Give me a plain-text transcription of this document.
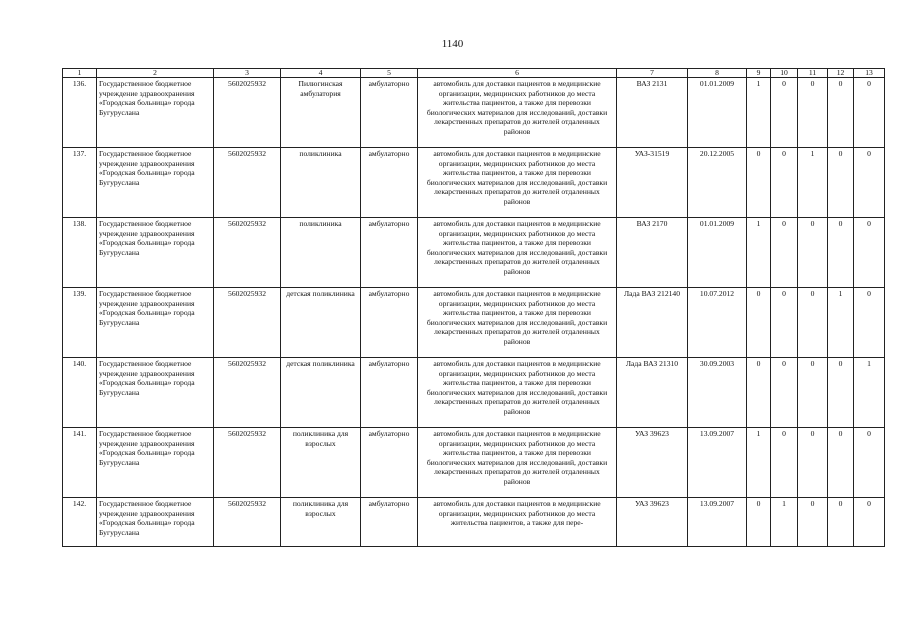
1140
1	2	3	4	5	6	7	8	9	10	11	12	13
136.	Государственное бюджетное учреждение здравоохранения «Городская больница» города Бугуруслана	5602025932	Пилюгинская амбулатория	амбулаторно	автомобиль для доставки пациентов в медицинские организации, медицинских работников до места жительства пациентов, а также для перевозки биологических материалов для исследований, доставки лекарственных препаратов до жителей отдаленных районов	ВАЗ 2131	01.01.2009	1	0	0	0	0
137.	Государственное бюджетное учреждение здравоохранения «Городская больница» города Бугуруслана	5602025932	поликлиника	амбулаторно	автомобиль для доставки пациентов в медицинские организации, медицинских работников до места жительства пациентов, а также для перевозки биологических материалов для исследований, доставки лекарственных препаратов до жителей отдаленных районов	УАЗ-31519	20.12.2005	0	0	1	0	0
138.	Государственное бюджетное учреждение здравоохранения «Городская больница» города Бугуруслана	5602025932	поликлиника	амбулаторно	автомобиль для доставки пациентов в медицинские организации, медицинских работников до места жительства пациентов, а также для перевозки биологических материалов для исследований, доставки лекарственных препаратов до жителей отдаленных районов	ВАЗ 2170	01.01.2009	1	0	0	0	0
139.	Государственное бюджетное учреждение здравоохранения «Городская больница» города Бугуруслана	5602025932	детская поликлиника	амбулаторно	автомобиль для доставки пациентов в медицинские организации, медицинских работников до места жительства пациентов, а также для перевозки биологических материалов для исследований, доставки лекарственных препаратов до жителей отдаленных районов	Лада ВАЗ 212140	10.07.2012	0	0	0	1	0
140.	Государственное бюджетное учреждение здравоохранения «Городская больница» города Бугуруслана	5602025932	детская поликлиника	амбулаторно	автомобиль для доставки пациентов в медицинские организации, медицинских работников до места жительства пациентов, а также для перевозки биологических материалов для исследований, доставки лекарственных препаратов до жителей отдаленных районов	Лада ВАЗ 21310	30.09.2003	0	0	0	0	1
141.	Государственное бюджетное учреждение здравоохранения «Городская больница» города Бугуруслана	5602025932	поликлиника для взрослых	амбулаторно	автомобиль для доставки пациентов в медицинские организации, медицинских работников до места жительства пациентов, а также для перевозки биологических материалов для исследований, доставки лекарственных препаратов до жителей отдаленных районов	УАЗ 39623	13.09.2007	1	0	0	0	0
142.	Государственное бюджетное учреждение здравоохранения «Городская больница» города Бугуруслана	5602025932	поликлиника для взрослых	амбулаторно	автомобиль для доставки пациентов в медицинские организации, медицинских работников до места жительства пациентов, а также для пере-	УАЗ 39623	13.09.2007	0	1	0	0	0
